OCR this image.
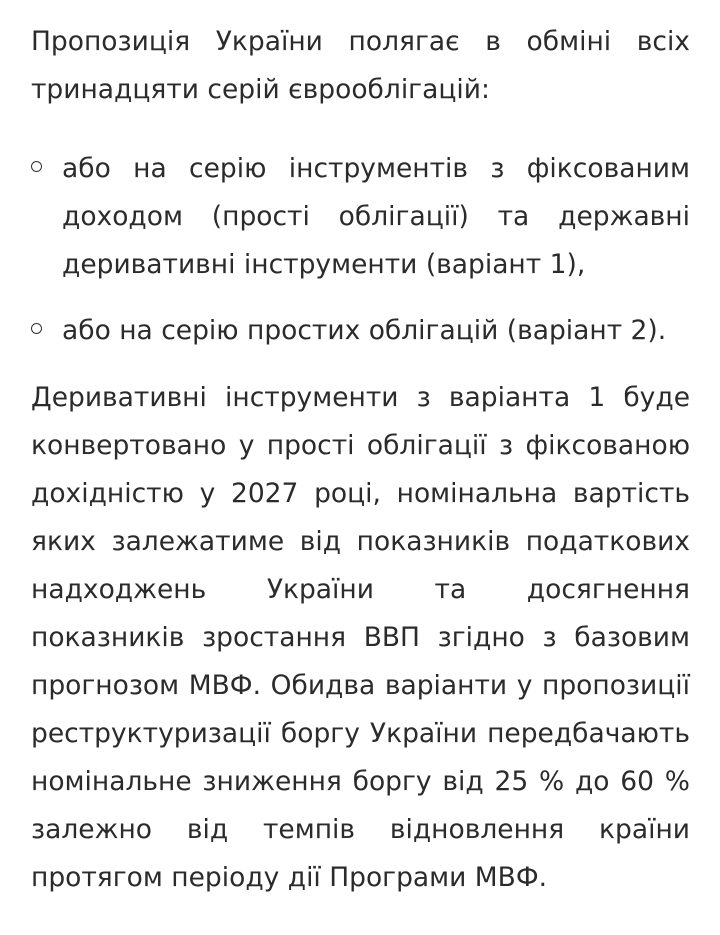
Пропозиція України полягає в обміні всіх тринадцяти серій єврооблігацій:

або на серію інструментів з фіксованим доходом (прості облігації) та державні деривативні інструменти (варіант 1),
або на серію простих облігацій (варіант 2).

Деривативні інструменти з варіанта 1 буде конвертовано у прості облігації з фіксованою дохідністю у 2027 році, номінальна вартість яких залежатиме від показників податкових надходжень України та досягнення показників зростання ВВП згідно з базовим прогнозом МВФ. Обидва варіанти у пропозиції реструктуризації боргу України передбачають номінальне зниження боргу від 25 % до 60 % залежно від темпів відновлення країни протягом періоду дії Програми МВФ.
